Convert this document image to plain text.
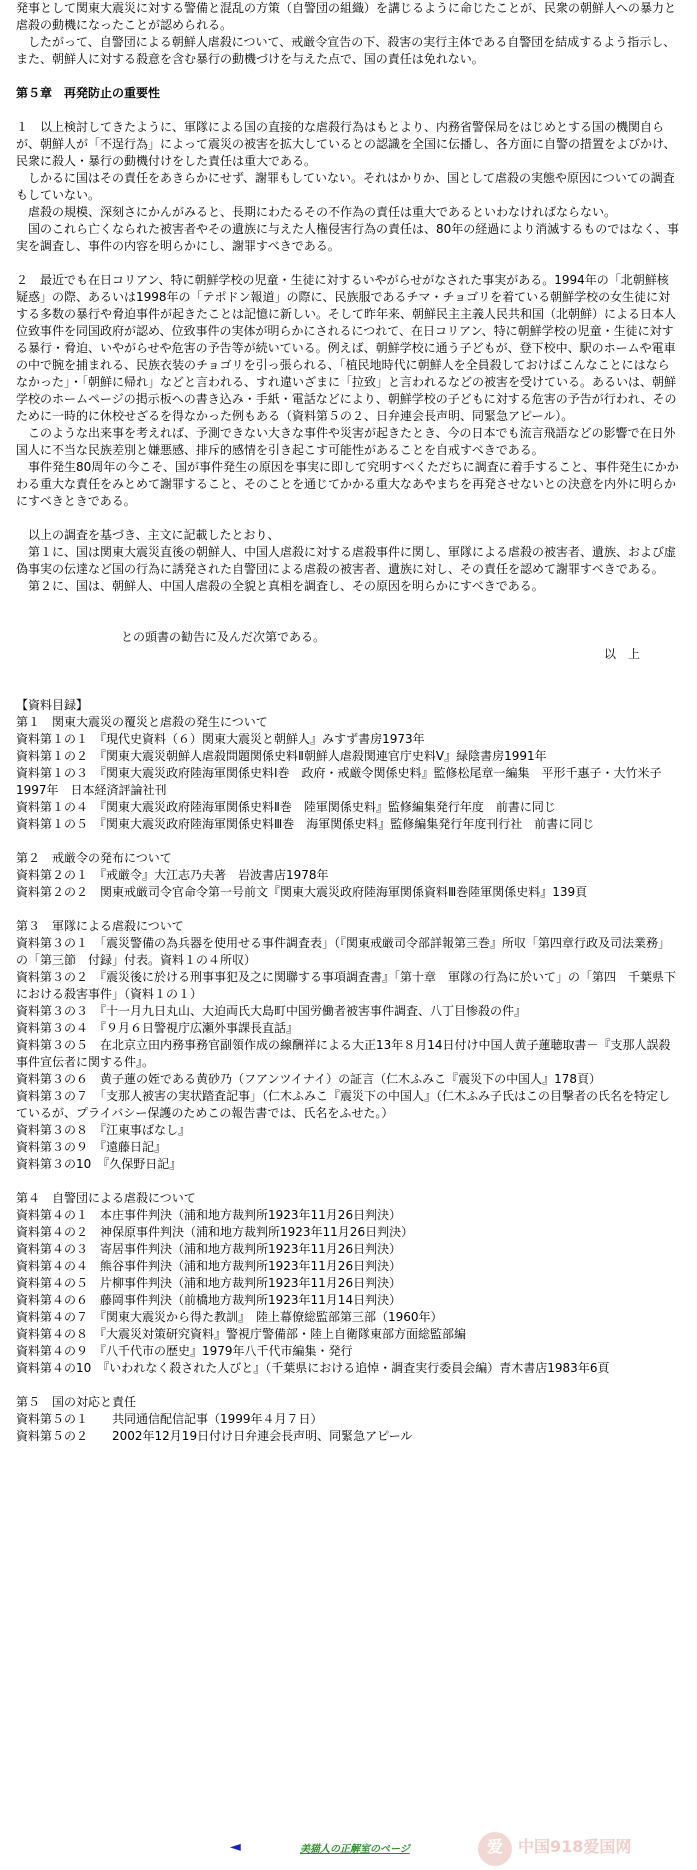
発事として関東大震災に対する警備と混乱の方策（自警団の組織）を講じるように命じたことが、民衆の朝鮮人への暴力と虐殺の動機になったことが認められる。

したがって、自警団による朝鮮人虐殺について、戒厳令宣告の下、殺害の実行主体である自警団を結成するよう指示し、また、朝鮮人に対する殺意を含む暴行の動機づけを与えた点で、国の責任は免れない。

第５章　再発防止の重要性

１　以上検討してきたように、軍隊による国の直接的な虐殺行為はもとより、内務省警保局をはじめとする国の機関自らが、朝鮮人が「不逞行為」によって震災の被害を拡大しているとの認識を全国に伝播し、各方面に自警の措置をよびかけ、民衆に殺人・暴行の動機付けをした責任は重大である。

しかるに国はその責任をあきらかにせず、謝罪もしていない。それはかりか、国として虐殺の実態や原因についての調査もしていない。

虐殺の規模、深刻さにかんがみると、長期にわたるその不作為の責任は重大であるといわなければならない。

国のこれら亡くなられた被害者やその遺族に与えた人権侵害行為の責任は、80年の経過により消滅するものではなく、事実を調査し、事件の内容を明らかにし、謝罪すべきである。

２　最近でも在日コリアン、特に朝鮮学校の児童・生徒に対するいやがらせがなされた事実がある。1994年の「北朝鮮核疑惑」の際、あるいは1998年の「テポドン報道」の際に、民族服であるチマ・チョゴリを着ている朝鮮学校の女生徒に対する多数の暴行や脅迫事件が起きたことは記憶に新しい。そして昨年来、朝鮮民主主義人民共和国（北朝鮮）による日本人位致事件を同国政府が認め、位致事件の実体が明らかにされるにつれて、在日コリアン、特に朝鮮学校の児童・生徒に対する暴行・脅迫、いやがらせや危害の予告等が続いている。例えば、朝鮮学校に通う子どもが、登下校中、駅のホームや電車の中で腕を捕まれる、民族衣装のチョゴリを引っ張られる、「植民地時代に朝鮮人を全員殺しておけばこんなことにはならなかった」・「朝鮮に帰れ」などと言われる、すれ違いざまに「拉致」と言われるなどの被害を受けている。あるいは、朝鮮学校のホームページの掲示板への書き込み・手紙・電話などにより、朝鮮学校の子どもに対する危害の予告が行われ、そのために一時的に休校せざるを得なかった例もある（資料第５の２、日弁連会長声明、同緊急アピール）。

このような出来事を考えれば、予測できない大きな事件や災害が起きたとき、今の日本でも流言飛語などの影響で在日外国人に不当な民族差別と嫌悪感、排斥的感情を引き起こす可能性があることを自戒すべきである。

事件発生80周年の今こそ、国が事件発生の原因を事実に即して究明すべくただちに調査に着手すること、事件発生にかかわる重大な責任をみとめて謝罪すること、そのことを通じてかかる重大なあやまちを再発させないとの決意を内外に明らかにすべきときである。

以上の調査を基づき、主文に記載したとおり、

第１に、国は関東大震災直後の朝鮮人、中国人虐殺に対する虐殺事件に関し、軍隊による虐殺の被害者、遺族、および虚偽事実の伝達など国の行為に誘発された自警団による虐殺の被害者、遺族に対し、その責任を認めて謝罪すべきである。

第２に、国は、朝鮮人、中国人虐殺の全貌と真相を調査し、その原因を明らかにすべきである。

との頭書の勧告に及んだ次第である。

以　上

【資料目録】

第１　関東大震災の覆災と虐殺の発生について

資料第１の１　『現代史資料（６）関東大震災と朝鮮人』みすず書房1973年

資料第１の２　『関東大震災朝鮮人虐殺問題関係史料Ⅱ朝鮮人虐殺関連官庁史料Ⅴ』緑陰書房1991年

資料第１の３　『関東大震災政府陸海軍関係史料Ⅰ巻　政府・戒厳令関係史料』監修松尾章一編集　平形千惠子・大竹米子1997年　日本経済評論社刊

資料第１の４　『関東大震災政府陸海軍関係史料Ⅱ巻　陸軍関係史料』監修編集発行年度　前書に同じ

資料第１の５　『関東大震災政府陸海軍関係史料Ⅲ巻　海軍関係史料』監修編集発行年度刊行社　前書に同じ

第２　戒厳令の発布について

資料第２の１　『戒厳令』大江志乃夫著　岩波書店1978年

資料第２の２　関東戒厳司令官命令第一号前文『関東大震災政府陸海軍関係資料Ⅲ巻陸軍関係史料』139頁

第３　軍隊による虐殺について

資料第３の１　「震災警備の為兵器を使用せる事件調査表」（『関東戒厳司令部詳報第三巻』所収「第四章行政及司法業務」の「第三節　付録」付表。資料１の４所収）

資料第３の２　『震災後に於ける刑事事犯及之に関聯する事項調査書』「第十章　軍隊の行為に於いて」の「第四　千葉県下における殺害事件」（資料１の１）

資料第３の３　『十一月九日丸山、大迫両氏大島町中国労働者被害事件調査、八丁目惨殺の件』

資料第３の４　『９月６日警視庁広瀬外事課長直話』

資料第３の５　在北京立田内務事務官副領作成の線酬祥による大正13年８月14日付け中国人黄子蓮聴取書－『支那人誤殺事件宣伝者に関する件』。

資料第３の６　黄子蓮の姪である黄砂乃（フアンツイナイ）の証言（仁木ふみこ『震災下の中国人』178頁）

資料第３の７　「支那人被害の実状踏査記事」（仁木ふみこ『震災下の中国人』（仁木ふみ子氏はこの目撃者の氏名を特定しているが、プライバシー保護のためこの報告書では、氏名をふせた。）

資料第３の８　『江東事ばなし』

資料第３の９　『遠藤日記』

資料第３の10　『久保野日記』

第４　自警団による虐殺について

資料第４の１　本庄事件判決（浦和地方裁判所1923年11月26日判決）

資料第４の２　神保原事件判決（浦和地方裁判所1923年11月26日判決）

資料第４の３　寄居事件判決（浦和地方裁判所1923年11月26日判決）

資料第４の４　熊谷事件判決（浦和地方裁判所1923年11月26日判決）

資料第４の５　片柳事件判決（浦和地方裁判所1923年11月26日判決）

資料第４の６　藤岡事件判決（前橋地方裁判所1923年11月14日判決）

資料第４の７　『関東大震災から得た教訓』　陸上幕僚総監部第三部（1960年）

資料第４の８　『大震災対策研究資料』警視庁警備部・陸上自衛隊東部方面総監部編

資料第４の９　『八千代市の歴史』1979年八千代市編集・発行

資料第４の10　『いわれなく殺された人びと』（千葉県における追悼・調査実行委員会編）青木書店1983年6頁

第５　国の対応と責任

資料第５の１　　共同通信配信記事（1999年４月７日）

資料第５の２　　2002年12月19日付け日弁連会長声明、同緊急アピール

◄	美猫人の正解室のページ	爱 中国918爱国网
